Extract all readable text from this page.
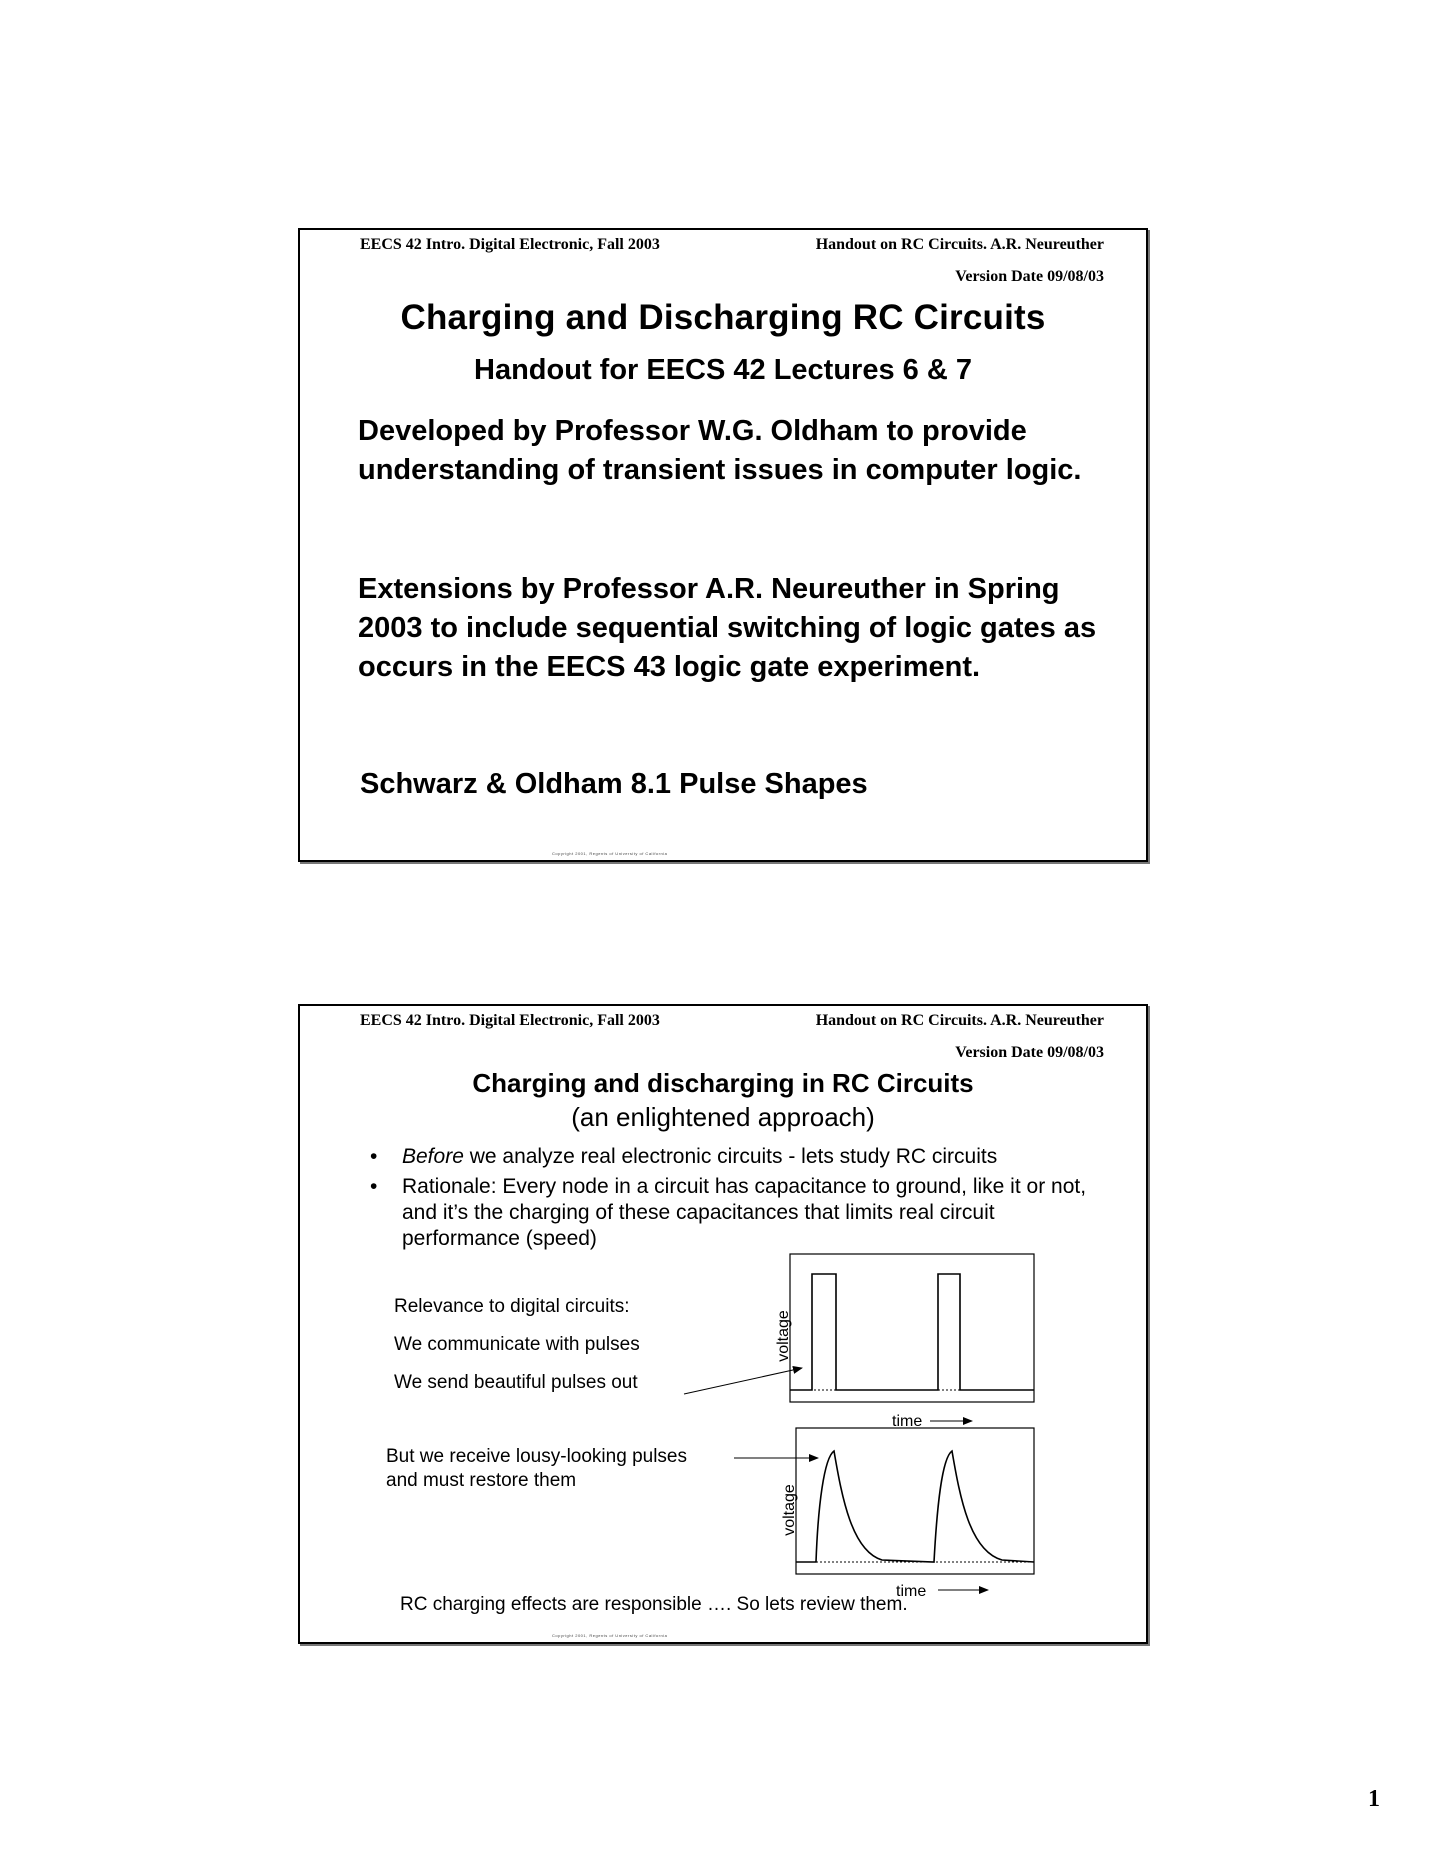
EECS 42 Intro. Digital Electronic, Fall 2003	Handout on RC Circuits. A.R. Neureuther
Version Date 09/08/03
Charging and Discharging RC Circuits
Handout for EECS 42 Lectures 6 & 7
Developed by Professor W.G. Oldham to provide understanding of transient issues in computer logic.
Extensions by Professor A.R. Neureuther in Spring 2003 to include sequential switching of logic gates as occurs in the EECS 43 logic gate experiment.
Schwarz & Oldham 8.1 Pulse Shapes
Copyright 2001, Regents of University of California
EECS 42 Intro. Digital Electronic, Fall 2003	Handout on RC Circuits. A.R. Neureuther
Version Date 09/08/03
Charging and discharging in RC Circuits
(an enlightened approach)
• Before we analyze real electronic circuits - lets study RC circuits
• Rationale: Every node in a circuit has capacitance to ground, like it or not, and it’s the charging of these capacitances that limits real circuit performance (speed)
Relevance to digital circuits:
We communicate with pulses
We send beautiful pulses out
But we receive lousy-looking pulses
and must restore them
voltage
time
voltage
time
RC charging effects are responsible …. So lets review them.
Copyright 2001, Regents of University of California
1
